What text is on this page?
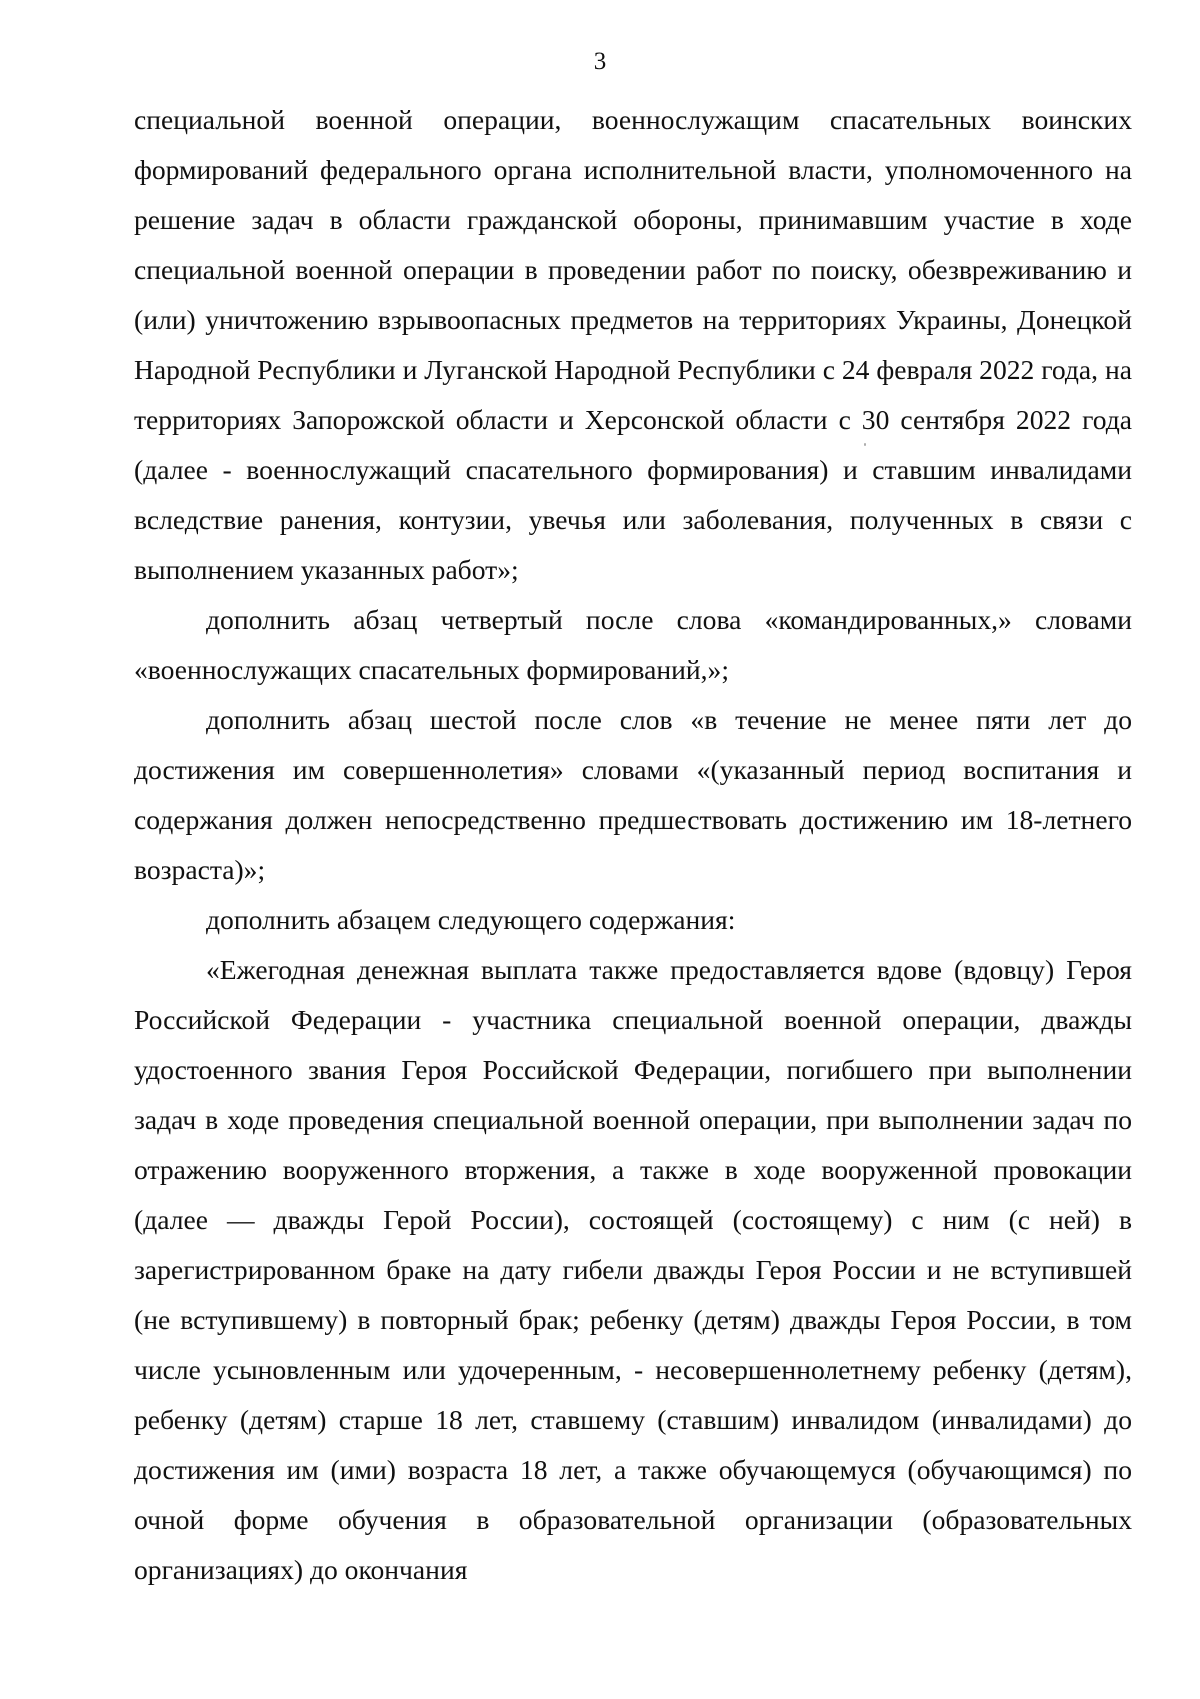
3

специальной военной операции, военнослужащим спасательных воинских формирований федерального органа исполнительной власти, уполномоченного на решение задач в области гражданской обороны, принимавшим участие в ходе специальной военной операции в проведении работ по поиску, обезвреживанию и (или) уничтожению взрывоопасных предметов на территориях Украины, Донецкой Народной Республики и Луганской Народной Республики с 24 февраля 2022 года, на территориях Запорожской области и Херсонской области с 30 сентября 2022 года (далее - военнослужащий спасательного формирования) и ставшим инвалидами вследствие ранения, контузии, увечья или заболевания, полученных в связи с выполнением указанных работ»;

дополнить абзац четвертый после слова «командированных,» словами «военнослужащих спасательных формирований,»;

дополнить абзац шестой после слов «в течение не менее пяти лет до достижения им совершеннолетия» словами «(указанный период воспитания и содержания должен непосредственно предшествовать достижению им 18-летнего возраста)»;

дополнить абзацем следующего содержания:

«Ежегодная денежная выплата также предоставляется вдове (вдовцу) Героя Российской Федерации - участника специальной военной операции, дважды удостоенного звания Героя Российской Федерации, погибшего при выполнении задач в ходе проведения специальной военной операции, при выполнении задач по отражению вооруженного вторжения, а также в ходе вооруженной провокации (далее — дважды Герой России), состоящей (состоящему) с ним (с ней) в зарегистрированном браке на дату гибели дважды Героя России и не вступившей (не вступившему) в повторный брак; ребенку (детям) дважды Героя России, в том числе усыновленным или удочеренным, - несовершеннолетнему ребенку (детям), ребенку (детям) старше 18 лет, ставшему (ставшим) инвалидом (инвалидами) до достижения им (ими) возраста 18 лет, а также обучающемуся (обучающимся) по очной форме обучения в образовательной организации (образовательных организациях) до окончания
